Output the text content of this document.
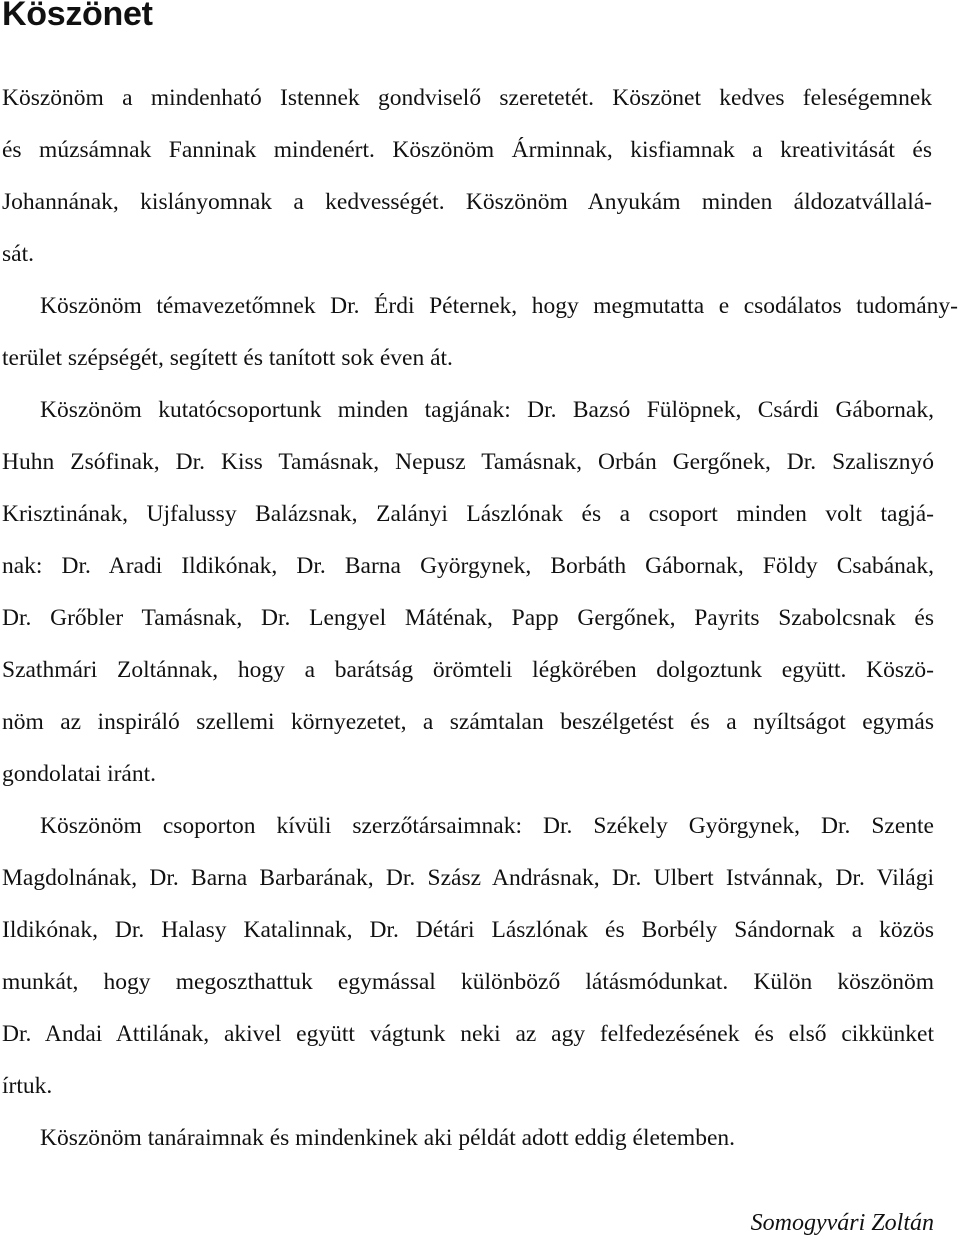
Köszönet

Köszönöm a mindenható Istennek gondviselő szeretetét. Köszönet kedves feleségemnek

és múzsámnak Fanninak mindenért. Köszönöm Árminnak, kisfiamnak a kreativitását és

Johannának, kislányomnak a kedvességét. Köszönöm Anyukám minden áldozatvállalá-

sát.

Köszönöm témavezetőmnek Dr. Érdi Péternek, hogy megmutatta e csodálatos tudomány-

terület szépségét, segített és tanított sok éven át.

Köszönöm kutatócsoportunk minden tagjának: Dr. Bazsó Fülöpnek, Csárdi Gábornak,

Huhn Zsófinak, Dr. Kiss Tamásnak, Nepusz Tamásnak, Orbán Gergőnek, Dr. Szalisznyó

Krisztinának, Ujfalussy Balázsnak, Zalányi Lászlónak és a csoport minden volt tagjá-

nak: Dr. Aradi Ildikónak, Dr. Barna Györgynek, Borbáth Gábornak, Földy Csabának,

Dr. Grőbler Tamásnak, Dr. Lengyel Máténak, Papp Gergőnek, Payrits Szabolcsnak és

Szathmári Zoltánnak, hogy a barátság örömteli légkörében dolgoztunk együtt. Köszö-

nöm az inspiráló szellemi környezetet, a számtalan beszélgetést és a nyíltságot egymás

gondolatai iránt.

Köszönöm csoporton kívüli szerzőtársaimnak: Dr. Székely Györgynek, Dr. Szente

Magdolnának, Dr. Barna Barbarának, Dr. Szász Andrásnak, Dr. Ulbert Istvánnak, Dr. Világi

Ildikónak, Dr. Halasy Katalinnak, Dr. Détári Lászlónak és Borbély Sándornak a közös

munkát, hogy megoszthattuk egymással különböző látásmódunkat. Külön köszönöm

Dr. Andai Attilának, akivel együtt vágtunk neki az agy felfedezésének és első cikkünket

írtuk.

Köszönöm tanáraimnak és mindenkinek aki példát adott eddig életemben.

Somogyvári Zoltán
